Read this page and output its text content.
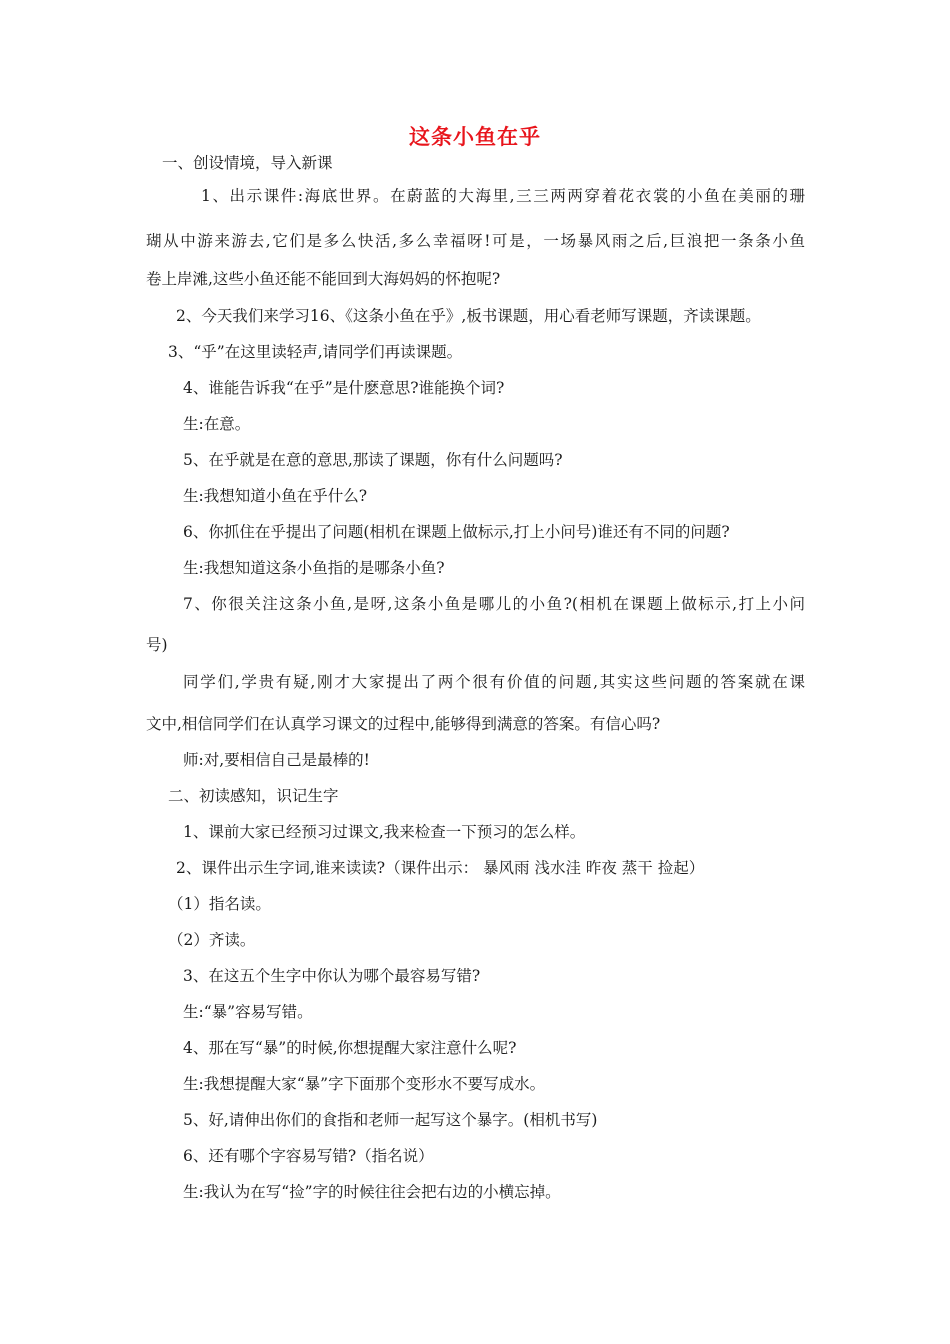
这条小鱼在乎
一、创设情境，导入新课
1、出示课件:海底世界。在蔚蓝的大海里,三三两两穿着花衣裳的小鱼在美丽的珊
瑚从中游来游去,它们是多么快活,多么幸福呀!可是，一场暴风雨之后,巨浪把一条条小鱼
卷上岸滩,这些小鱼还能不能回到大海妈妈的怀抱呢?
2、今天我们来学习16、《这条小鱼在乎》,板书课题，用心看老师写课题，齐读课题。
3、“乎”在这里读轻声,请同学们再读课题。
4、谁能告诉我“在乎”是什麽意思?谁能换个词?
生:在意。
5、在乎就是在意的意思,那读了课题，你有什么问题吗?
生:我想知道小鱼在乎什么?
6、你抓住在乎提出了问题(相机在课题上做标示,打上小问号)谁还有不同的问题?
生:我想知道这条小鱼指的是哪条小鱼?
7、你很关注这条小鱼,是呀,这条小鱼是哪儿的小鱼?(相机在课题上做标示,打上小问
号)
同学们,学贵有疑,刚才大家提出了两个很有价值的问题,其实这些问题的答案就在课
文中,相信同学们在认真学习课文的过程中,能够得到满意的答案。有信心吗?
师:对,要相信自己是最棒的!
二、初读感知，识记生字
1、课前大家已经预习过课文,我来检查一下预习的怎么样。
2、课件出示生字词,谁来读读?（课件出示： 暴风雨 浅水洼 昨夜 蒸干 捡起）
（1）指名读。
（2）齐读。
3、在这五个生字中你认为哪个最容易写错?
生:“暴”容易写错。
4、那在写“暴”的时候,你想提醒大家注意什么呢?
生:我想提醒大家“暴”字下面那个变形水不要写成水。
5、好,请伸出你们的食指和老师一起写这个暴字。(相机书写)
6、还有哪个字容易写错?（指名说）
生:我认为在写“捡”字的时候往往会把右边的小横忘掉。
